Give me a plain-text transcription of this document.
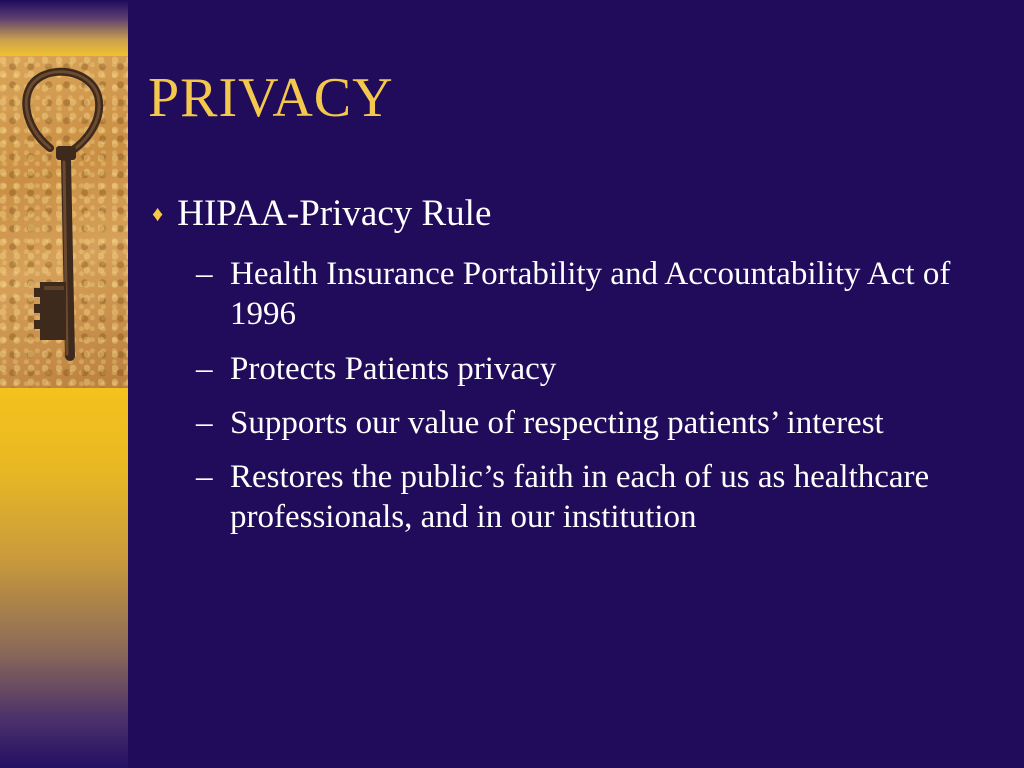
PRIVACY
♦ HIPAA-Privacy Rule
– Health Insurance Portability and Accountability Act of 1996
– Protects Patients privacy
– Supports our value of respecting patients’ interest
– Restores the public’s faith in each of us as healthcare professionals, and in our institution
